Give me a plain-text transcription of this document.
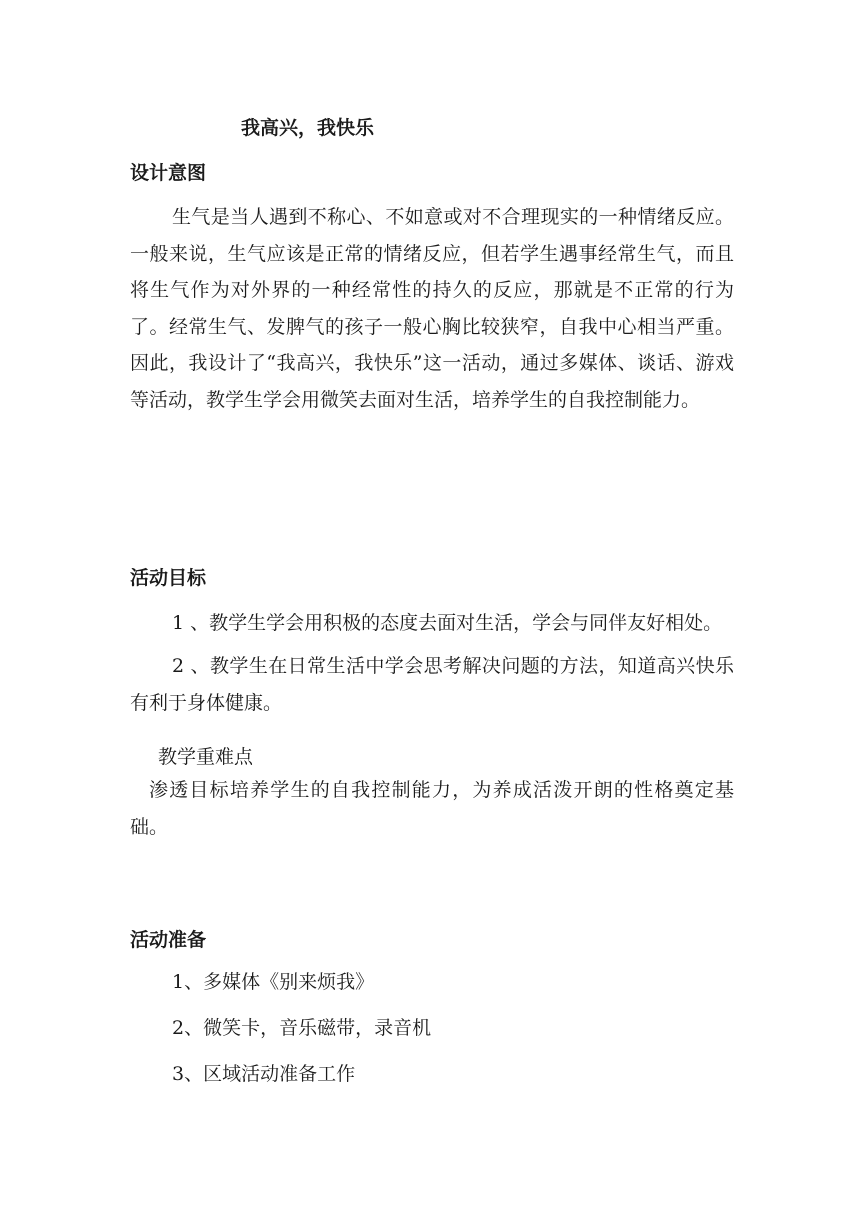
我高兴，我快乐
设计意图

生气是当人遇到不称心、不如意或对不合理现实的一种情绪反应。一般来说，生气应该是正常的情绪反应，但若学生遇事经常生气，而且将生气作为对外界的一种经常性的持久的反应，那就是不正常的行为了。经常生气、发脾气的孩子一般心胸比较狭窄，自我中心相当严重。因此，我设计了“我高兴，我快乐”这一活动，通过多媒体、谈话、游戏等活动，教学生学会用微笑去面对生活，培养学生的自我控制能力。

活动目标
1 、教学生学会用积极的态度去面对生活，学会与同伴友好相处。

2 、教学生在日常生活中学会思考解决问题的方法，知道高兴快乐有利于身体健康。

教学重难点

渗透目标培养学生的自我控制能力，为养成活泼开朗的性格奠定基础。

活动准备
1、多媒体《别来烦我》
2、微笑卡，音乐磁带，录音机
3、区域活动准备工作
